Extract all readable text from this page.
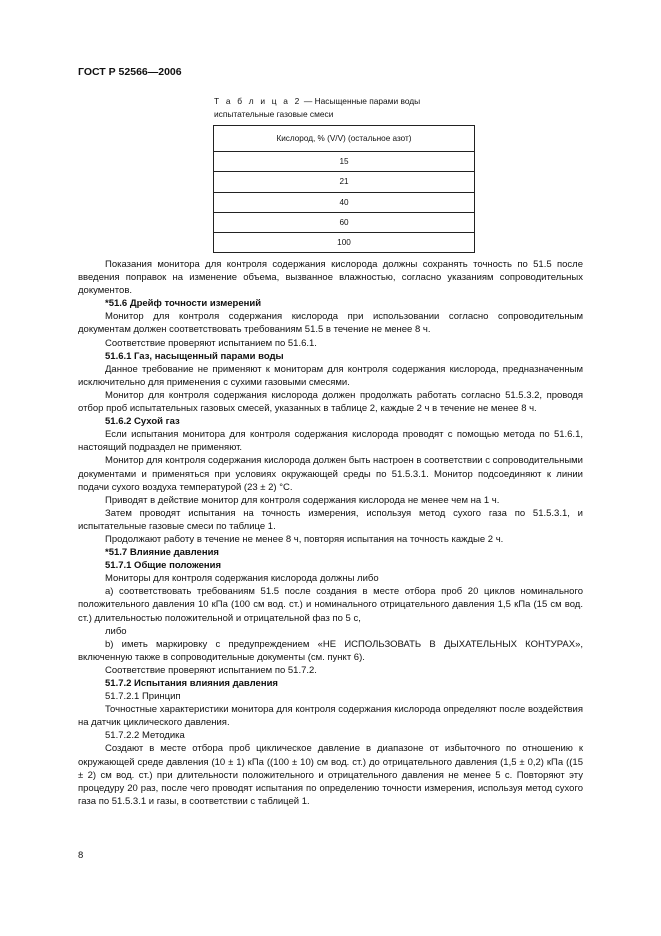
ГОСТ Р 52566—2006
Т а б л и ц а 2 — Насыщенные парами воды
испытательные газовые смеси
Кислород, % (V/V) (остальное азот)
15
21
40
60
100

Показания монитора для контроля содержания кислорода должны сохранять точность по 51.5 после введения поправок на изменение объема, вызванное влажностью, согласно указаниям сопроводительных документов.

*51.6 Дрейф точности измерений

Монитор для контроля содержания кислорода при использовании согласно сопроводительным документам должен соответствовать требованиям 51.5 в течение не менее 8 ч.

Соответствие проверяют испытанием по 51.6.1.

51.6.1 Газ, насыщенный парами воды

Данное требование не применяют к мониторам для контроля содержания кислорода, предназначенным исключительно для применения с сухими газовыми смесями.

Монитор для контроля содержания кислорода должен продолжать работать согласно 51.5.3.2, проводя отбор проб испытательных газовых смесей, указанных в таблице 2, каждые 2 ч в течение не менее 8 ч.

51.6.2 Сухой газ

Если испытания монитора для контроля содержания кислорода проводят с помощью метода по 51.6.1, настоящий подраздел не применяют.

Монитор для контроля содержания кислорода должен быть настроен в соответствии с сопроводительными документами и применяться при условиях окружающей среды по 51.5.3.1. Монитор подсоединяют к линии подачи сухого воздуха температурой (23 ± 2) °С.

Приводят в действие монитор для контроля содержания кислорода не менее чем на 1 ч.

Затем проводят испытания на точность измерения, используя метод сухого газа по 51.5.3.1, и испытательные газовые смеси по таблице 1.

Продолжают работу в течение не менее 8 ч, повторяя испытания на точность каждые 2 ч.

*51.7 Влияние давления

51.7.1 Общие положения

Мониторы для контроля содержания кислорода должны либо

a) соответствовать требованиям 51.5 после создания в месте отбора проб 20 циклов номинального положительного давления 10 кПа (100 см вод. ст.) и номинального отрицательного давления 1,5 кПа (15 см вод. ст.) длительностью положительной и отрицательной фаз по 5 с,

либо

b) иметь маркировку с предупреждением «НЕ ИСПОЛЬЗОВАТЬ В ДЫХАТЕЛЬНЫХ КОНТУРАХ», включенную также в сопроводительные документы (см. пункт 6).

Соответствие проверяют испытанием по 51.7.2.

51.7.2 Испытания влияния давления

51.7.2.1 Принцип

Точностные характеристики монитора для контроля содержания кислорода определяют после воздействия на датчик циклического давления.

51.7.2.2 Методика

Создают в месте отбора проб циклическое давление в диапазоне от избыточного по отношению к окружающей среде давления (10 ± 1) кПа ((100 ± 10) см вод. ст.) до отрицательного давления (1,5 ± 0,2) кПа ((15 ± 2) см вод. ст.) при длительности положительного и отрицательного давления не менее 5 с. Повторяют эту процедуру 20 раз, после чего проводят испытания по определению точности измерения, используя метод сухого газа по 51.5.3.1 и газы, в соответствии с таблицей 1.

8
